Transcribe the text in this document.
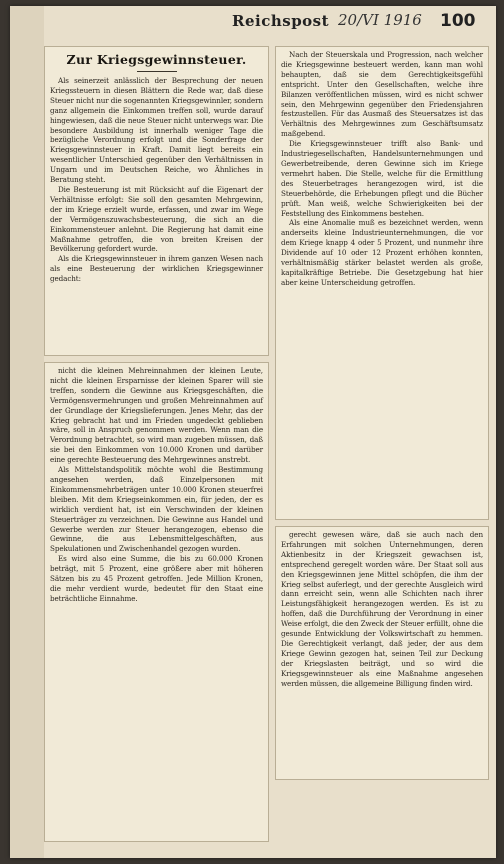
Reichspost 20/VI 1916 100
Zur Kriegsgewinnsteuer.

Als seinerzeit anlässlich der Besprechung der neuen Kriegssteuern in diesen Blättern die Rede war, daß diese Steuer nicht nur die sogenannten Kriegsgewinnler, sondern ganz allgemein die Einkommen treffen soll, wurde darauf hingewiesen, daß die neue Steuer nicht unterwegs war. Die besondere Ausbildung ist innerhalb weniger Tage die bezügliche Verordnung erfolgt und die Sonderfrage der Kriegsgewinnsteuer in Kraft. Damit liegt bereits ein wesentlicher Unterschied gegenüber den Verhältnissen in Ungarn und im Deutschen Reiche, wo Ähnliches in Beratung steht.

Die Besteuerung ist mit Rücksicht auf die Eigenart der Verhältnisse erfolgt: Sie soll den gesamten Mehrgewinn, der im Kriege erzielt wurde, erfassen, und zwar im Wege der Vermögenszuwachsbesteuerung, die sich an die Einkommensteuer anlehnt. Die Regierung hat damit eine Maßnahme getroffen, die von breiten Kreisen der Bevölkerung gefordert wurde.

Als die Kriegsgewinnsteuer in ihrem ganzen Wesen nach als eine Besteuerung der wirklichen Kriegsgewinner gedacht:

nicht die kleinen Mehreinnahmen der kleinen Leute, nicht die kleinen Ersparnisse der kleinen Sparer will sie treffen, sondern die Gewinne aus Kriegsgeschäften, die Vermögensvermehrungen und großen Mehreinnahmen auf der Grundlage der Kriegslieferungen. Jenes Mehr, das der Krieg gebracht hat und im Frieden ungedeckt geblieben wäre, soll in Anspruch genommen werden. Wenn man die Verordnung betrachtet, so wird man zugeben müssen, daß sie bei den Einkommen von 10.000 Kronen und darüber eine gerechte Besteuerung des Mehrgewinnes anstrebt.

Als Mittelstandspolitik möchte wohl die Bestimmung angesehen werden, daß Einzelpersonen mit Einkommensmehrbeträgen unter 10.000 Kronen steuerfrei bleiben. Mit dem Kriegseinkommen ein, für jeden, der es wirklich verdient hat, ist ein Verschwinden der kleinen Steuerträger zu verzeichnen. Die Gewinne aus Handel und Gewerbe werden zur Steuer herangezogen, ebenso die Gewinne, die aus Lebensmittelgeschäften, aus Spekulationen und Zwischenhandel gezogen wurden.

Es wird also eine Summe, die bis zu 60.000 Kronen beträgt, mit 5 Prozent, eine größere aber mit höheren Sätzen bis zu 45 Prozent getroffen. Jede Million Kronen, die mehr verdient wurde, bedeutet für den Staat eine beträchtliche Einnahme.

Nach der Steuerskala und Progression, nach welcher die Kriegsgewinne besteuert werden, kann man wohl behaupten, daß sie dem Gerechtigkeitsgefühl entspricht. Unter den Gesellschaften, welche ihre Bilanzen veröffentlichen müssen, wird es nicht schwer sein, den Mehrgewinn gegenüber den Friedensjahren festzustellen. Für das Ausmaß des Steuersatzes ist das Verhältnis des Mehrgewinnes zum Geschäftsumsatz maßgebend.

Die Kriegsgewinnsteuer trifft also Bank- und Industriegesellschaften, Handelsunternehmungen und Gewerbetreibende, deren Gewinne sich im Kriege vermehrt haben. Die Stelle, welche für die Ermittlung des Steuerbetrages herangezogen wird, ist die Steuerbehörde, die Erhebungen pflegt und die Bücher prüft. Man weiß, welche Schwierigkeiten bei der Feststellung des Einkommens bestehen.

Als eine Anomalie muß es bezeichnet werden, wenn anderseits kleine Industrieunternehmungen, die vor dem Kriege knapp 4 oder 5 Prozent, und nunmehr ihre Dividende auf 10 oder 12 Prozent erhöhen konnten, verhältnismäßig stärker belastet werden als große, kapitalkräftige Betriebe. Die Gesetzgebung hat hier aber keine Unterscheidung getroffen.

gerecht gewesen wäre, daß sie auch nach den Erfahrungen mit solchen Unternehmungen, deren Aktienbesitz in der Kriegszeit gewachsen ist, entsprechend geregelt worden wäre. Der Staat soll aus den Kriegsgewinnen jene Mittel schöpfen, die ihm der Krieg selbst auferlegt, und der gerechte Ausgleich wird dann erreicht sein, wenn alle Schichten nach ihrer Leistungsfähigkeit herangezogen werden. Es ist zu hoffen, daß die Durchführung der Verordnung in einer Weise erfolgt, die den Zweck der Steuer erfüllt, ohne die gesunde Entwicklung der Volkswirtschaft zu hemmen. Die Gerechtigkeit verlangt, daß jeder, der aus dem Kriege Gewinn gezogen hat, seinen Teil zur Deckung der Kriegslasten beiträgt, und so wird die Kriegsgewinnsteuer als eine Maßnahme angesehen werden müssen, die allgemeine Billigung finden wird.
